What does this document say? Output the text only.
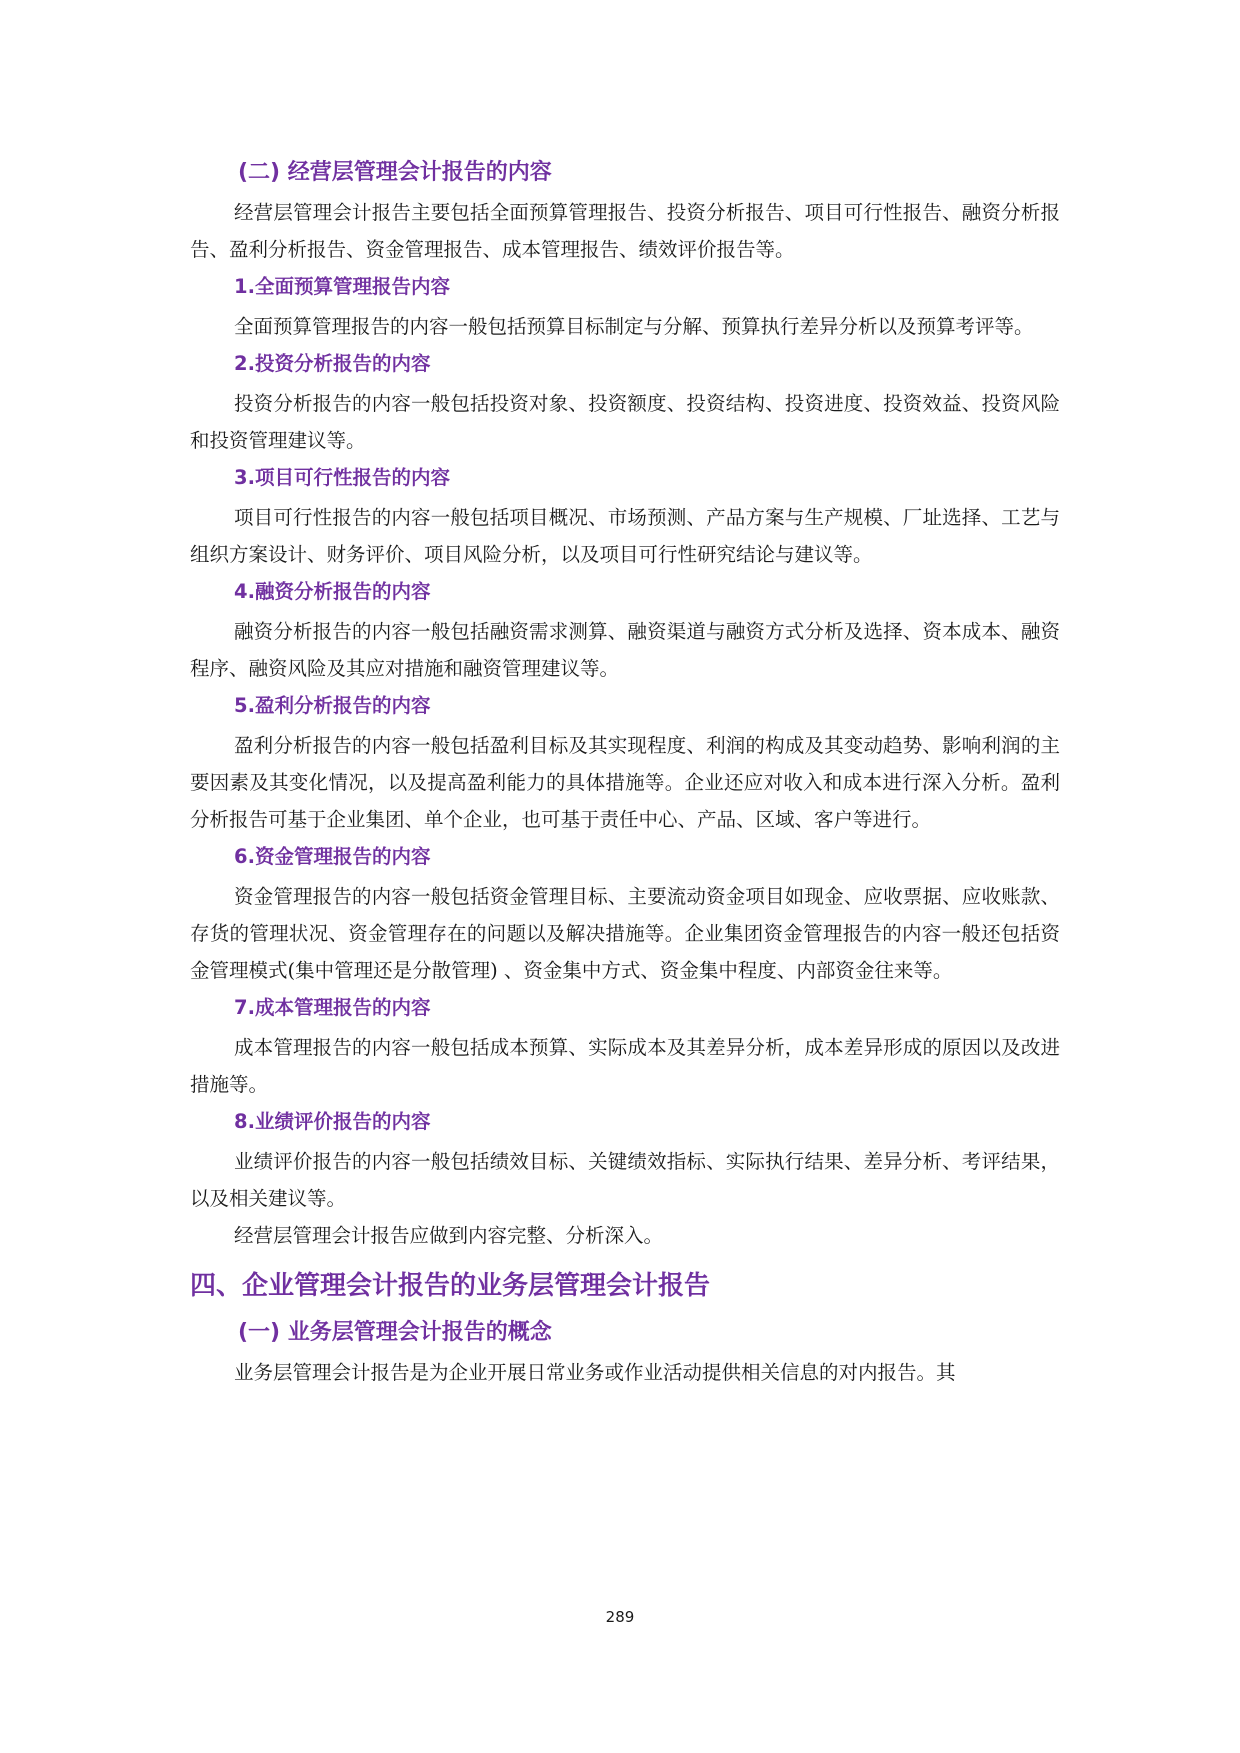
(二) 经营层管理会计报告的内容

经营层管理会计报告主要包括全面预算管理报告、投资分析报告、项目可行性报告、融资分析报告、盈利分析报告、资金管理报告、成本管理报告、绩效评价报告等。

1.全面预算管理报告内容

全面预算管理报告的内容一般包括预算目标制定与分解、预算执行差异分析以及预算考评等。

2.投资分析报告的内容

投资分析报告的内容一般包括投资对象、投资额度、投资结构、投资进度、投资效益、投资风险和投资管理建议等。

3.项目可行性报告的内容

项目可行性报告的内容一般包括项目概况、市场预测、产品方案与生产规模、厂址选择、工艺与组织方案设计、财务评价、项目风险分析，以及项目可行性研究结论与建议等。

4.融资分析报告的内容

融资分析报告的内容一般包括融资需求测算、融资渠道与融资方式分析及选择、资本成本、融资程序、融资风险及其应对措施和融资管理建议等。

5.盈利分析报告的内容

盈利分析报告的内容一般包括盈利目标及其实现程度、利润的构成及其变动趋势、影响利润的主要因素及其变化情况，以及提高盈利能力的具体措施等。企业还应对收入和成本进行深入分析。盈利分析报告可基于企业集团、单个企业，也可基于责任中心、产品、区域、客户等进行。

6.资金管理报告的内容

资金管理报告的内容一般包括资金管理目标、主要流动资金项目如现金、应收票据、应收账款、存货的管理状况、资金管理存在的问题以及解决措施等。企业集团资金管理报告的内容一般还包括资金管理模式(集中管理还是分散管理) 、资金集中方式、资金集中程度、内部资金往来等。

7.成本管理报告的内容

成本管理报告的内容一般包括成本预算、实际成本及其差异分析，成本差异形成的原因以及改进措施等。

8.业绩评价报告的内容

业绩评价报告的内容一般包括绩效目标、关键绩效指标、实际执行结果、差异分析、考评结果，以及相关建议等。

经营层管理会计报告应做到内容完整、分析深入。

四、企业管理会计报告的业务层管理会计报告
(一) 业务层管理会计报告的概念

业务层管理会计报告是为企业开展日常业务或作业活动提供相关信息的对内报告。其

289
